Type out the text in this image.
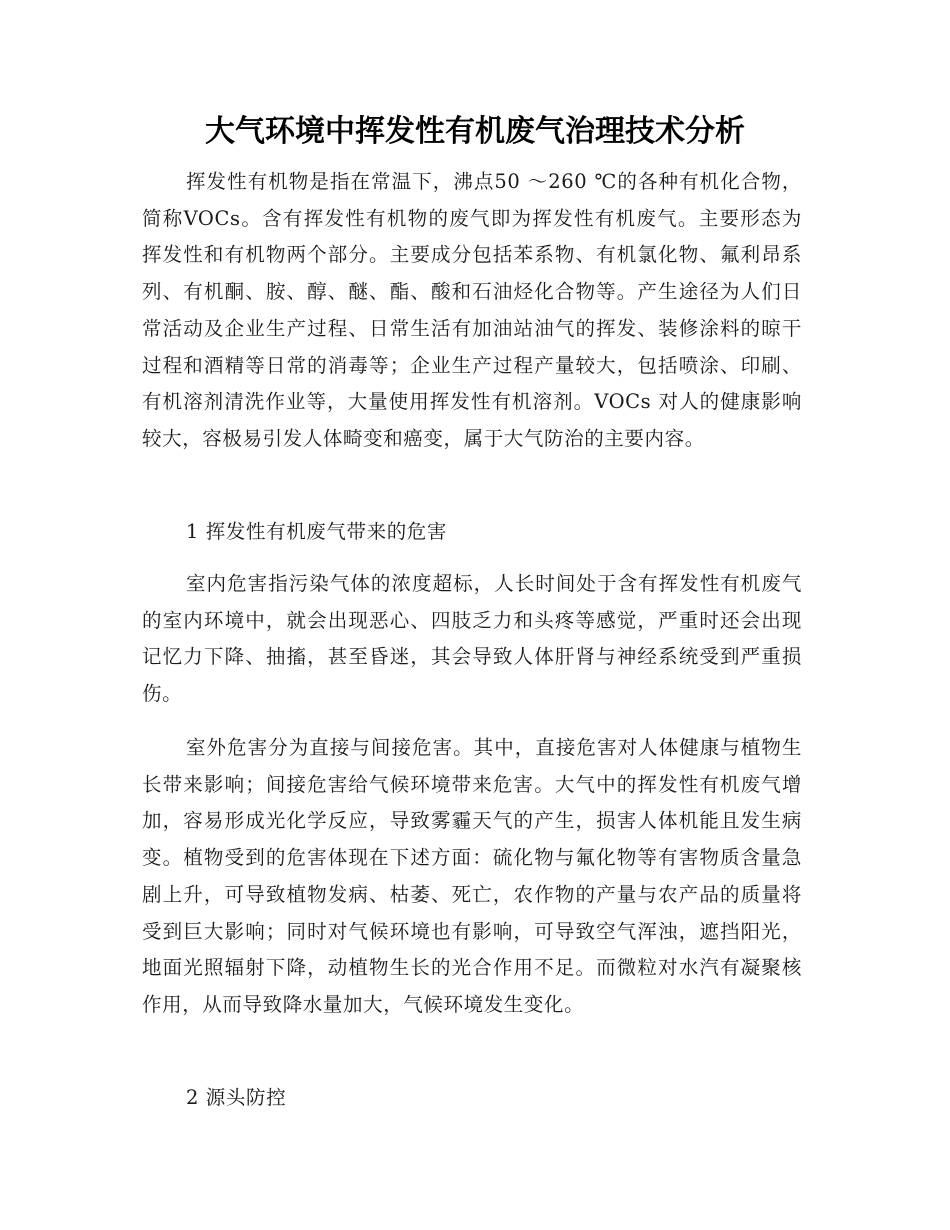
大气环境中挥发性有机废气治理技术分析

挥发性有机物是指在常温下，沸点50 ～260 ℃的各种有机化合物，简称VOCs。含有挥发性有机物的废气即为挥发性有机废气。主要形态为挥发性和有机物两个部分。主要成分包括苯系物、有机氯化物、氟利昂系列、有机酮、胺、醇、醚、酯、酸和石油烃化合物等。产生途径为人们日常活动及企业生产过程、日常生活有加油站油气的挥发、装修涂料的晾干过程和酒精等日常的消毒等；企业生产过程产量较大，包括喷涂、印刷、有机溶剂清洗作业等，大量使用挥发性有机溶剂。VOCs 对人的健康影响较大，容极易引发人体畸变和癌变，属于大气防治的主要内容。

1 挥发性有机废气带来的危害

室内危害指污染气体的浓度超标，人长时间处于含有挥发性有机废气的室内环境中，就会出现恶心、四肢乏力和头疼等感觉，严重时还会出现记忆力下降、抽搐，甚至昏迷，其会导致人体肝肾与神经系统受到严重损伤。

室外危害分为直接与间接危害。其中，直接危害对人体健康与植物生长带来影响；间接危害给气候环境带来危害。大气中的挥发性有机废气增加，容易形成光化学反应，导致雾霾天气的产生，损害人体机能且发生病变。植物受到的危害体现在下述方面：硫化物与氟化物等有害物质含量急剧上升，可导致植物发病、枯萎、死亡，农作物的产量与农产品的质量将受到巨大影响；同时对气候环境也有影响，可导致空气浑浊，遮挡阳光，地面光照辐射下降，动植物生长的光合作用不足。而微粒对水汽有凝聚核作用，从而导致降水量加大，气候环境发生变化。

2 源头防控
